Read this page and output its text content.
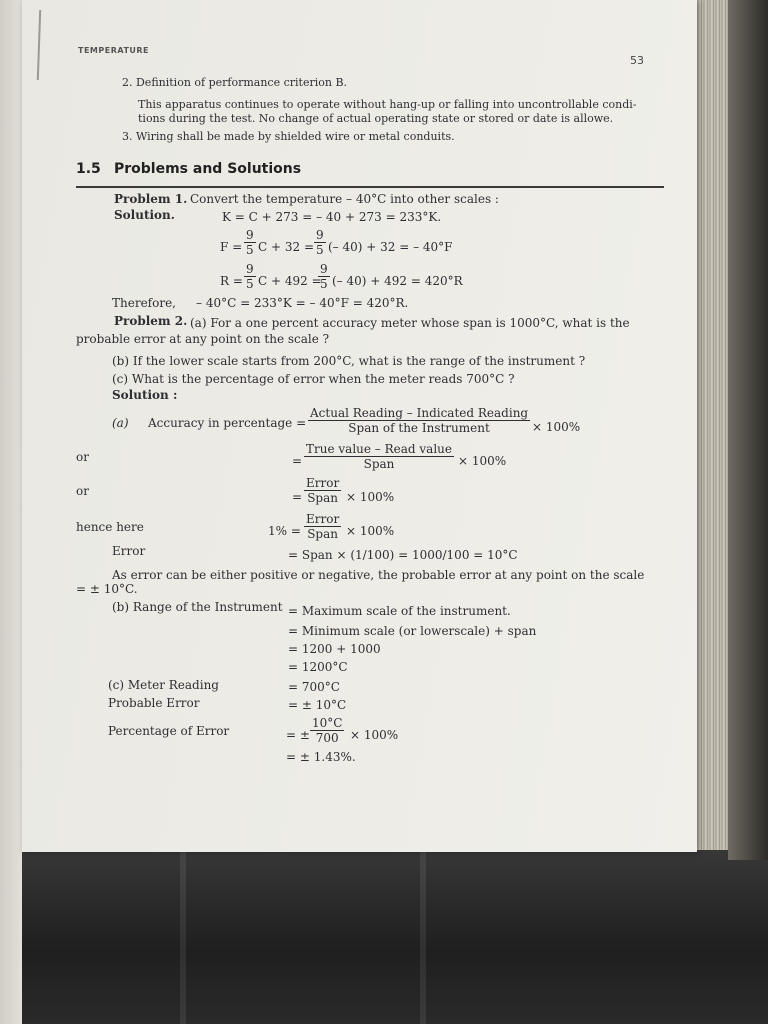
TEMPERATURE
53
2. Definition of performance criterion B.
This apparatus continues to operate without hang-up or falling into uncontrollable condi-
tions during the test. No change of actual operating state or stored or date is allowe.
3. Wiring shall be made by shielded wire or metal conduits.
1.5 Problems and Solutions
Problem 1. Convert the temperature – 40°C into other scales :
Solution.	K = C + 273 = – 40 + 273 = 233°K.
$F = \frac{9}{5}$ $C + 32 = \frac{9}{5}$ (– 40) + 32 = – 40°F
$R = \frac{9}{5}$ C + 492 =
$\frac{9}{5}$ (– 40) + 492 = 420°R
Therefore, – 40°C = 233°K = – 40°F = 420°R.
Problem 2. (a) For a one percent accuracy meter whose span is 1000°C, what is the
probable error at any point on the scale ?
(b) If the lower scale starts from 200°C, what is the range of the instrument ?
(c) What is the percentage of error when the meter reads 700°C ?
Solution :
(a) Accuracy in percentage =
Actual Reading – Indicated Reading
Span of the Instrument	× 100%
or	=
True value – Read value
Span	× 100%
or	=
Error
Span × 100%
hence here	1% =
Error
Span × 100%
Error	= Span × (1/100) = 1000/100 = 10°C
As error can be either positive or negative, the probable error at any point on the scale
= ± 10°C.
(b) Range of the Instrument = Maximum scale of the instrument.
= Minimum scale (or lowerscale) + span
= 1200 + 1000
= 1200°C
(c) Meter Reading	= 700°C
Probable Error	= ± 10°C
Percentage of Error	= ± $\frac{10^\circ C}{700} \times 100\%$
= ± 1.43%.
